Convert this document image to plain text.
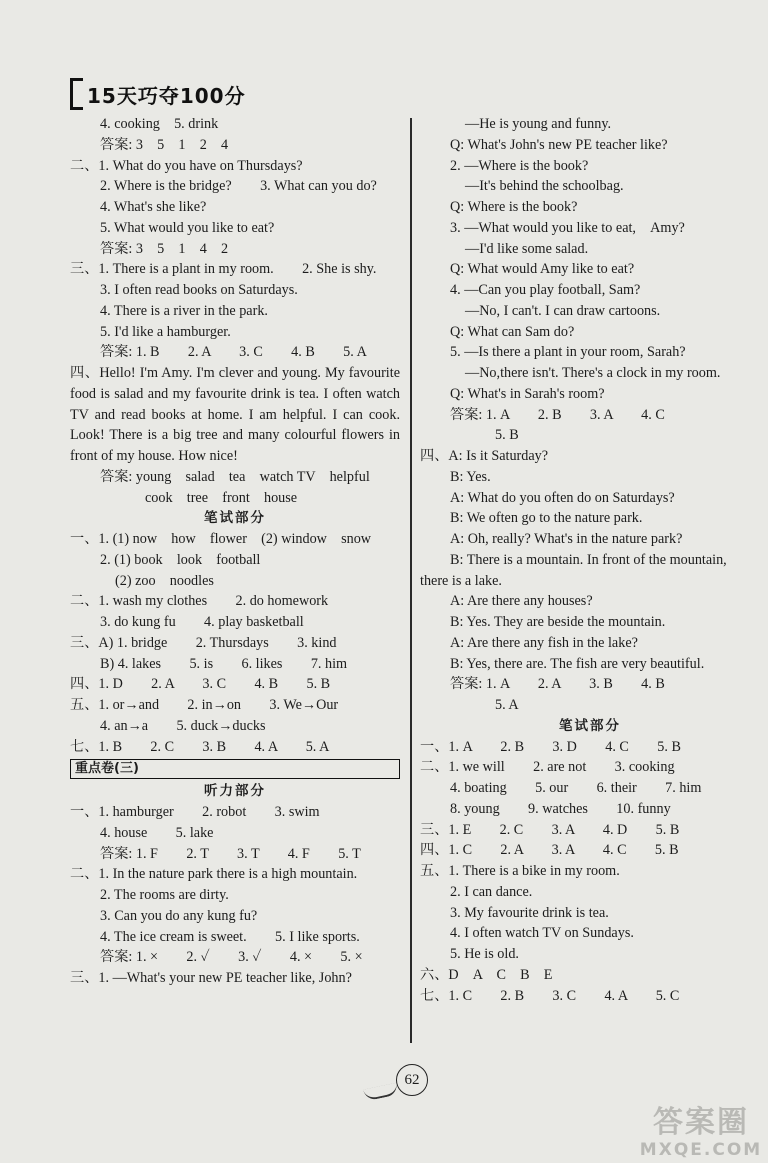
15天巧夺100分
4. cooking　5. drink
答案: 3　5　1　2　4
二、1. What do you have on Thursdays?
2. Where is the bridge?　　3. What can you do?
4. What's she like?
5. What would you like to eat?
答案: 3　5　1　4　2
三、1. There is a plant in my room.　　2. She is shy.
3. I often read books on Saturdays.
4. There is a river in the park.
5. I'd like a hamburger.
答案: 1. B　　2. A　　3. C　　4. B　　5. A
四、Hello! I'm Amy. I'm clever and young. My favourite food is salad and my favourite drink is tea. I often watch TV and read books at home. I am helpful. I can cook. Look! There is a big tree and many colourful flowers in front of my house. How nice!
答案: young　salad　tea　watch TV　helpful
cook　tree　front　house
笔试部分
一、1. (1) now　how　flower　(2) window　snow
2. (1) book　look　football
(2) zoo　noodles
二、1. wash my clothes　　2. do homework
3. do kung fu　　4. play basketball
三、A) 1. bridge　　2. Thursdays　　3. kind
B) 4. lakes　　5. is　　6. likes　　7. him
四、1. D　　2. A　　3. C　　4. B　　5. B
五、1. or→and　　2. in→on　　3. We→Our
4. an→a　　5. duck→ducks
七、1. B　　2. C　　3. B　　4. A　　5. A
重点卷(三)
听力部分
一、1. hamburger　　2. robot　　3. swim
4. house　　5. lake
答案: 1. F　　2. T　　3. T　　4. F　　5. T
二、1. In the nature park there is a high mountain.
2. The rooms are dirty.
3. Can you do any kung fu?
4. The ice cream is sweet.　　5. I like sports.
答案: 1. ×　　2. ✓　　3. ✓　　4. ×　　5. ×
三、1. —What's your new PE teacher like, John?
—He is young and funny.
Q: What's John's new PE teacher like?
2. —Where is the book?
—It's behind the schoolbag.
Q: Where is the book?
3. —What would you like to eat,　Amy?
—I'd like some salad.
Q: What would Amy like to eat?
4. —Can you play football, Sam?
—No, I can't. I can draw cartoons.
Q: What can Sam do?
5. —Is there a plant in your room, Sarah?
—No,there isn't. There's a clock in my room.
Q: What's in Sarah's room?
答案: 1. A　　2. B　　3. A　　4. C
5. B
四、A: Is it Saturday?
B: Yes.
A: What do you often do on Saturdays?
B: We often go to the nature park.
A: Oh, really? What's in the nature park?
B: There is a mountain. In front of the mountain,
there is a lake.
A: Are there any houses?
B: Yes. They are beside the mountain.
A: Are there any fish in the lake?
B: Yes, there are. The fish are very beautiful.
答案: 1. A　　2. A　　3. B　　4. B
5. A
笔试部分
一、1. A　　2. B　　3. D　　4. C　　5. B
二、1. we will　　2. are not　　3. cooking
4. boating　　5. our　　6. their　　7. him
8. young　　9. watches　　10. funny
三、1. E　　2. C　　3. A　　4. D　　5. B
四、1. C　　2. A　　3. A　　4. C　　5. B
五、1. There is a bike in my room.
2. I can dance.
3. My favourite drink is tea.
4. I often watch TV on Sundays.
5. He is old.
六、D　A　C　B　E
七、1. C　　2. B　　3. C　　4. A　　5. C
62
答案圈
MXQE.COM
